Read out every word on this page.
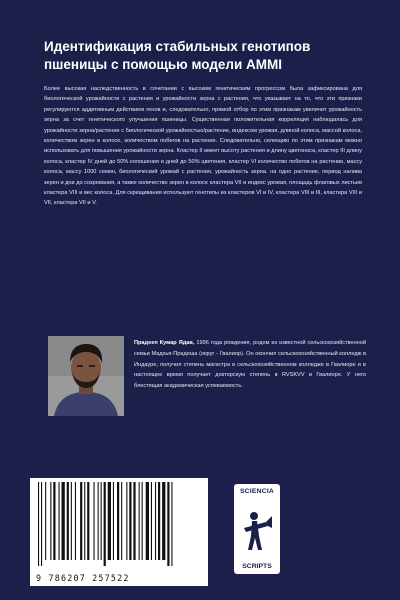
Идентификация стабильных генотипов пшеницы с помощью модели AMMI

Более высокая наследственность в сочетании с высоким генетическим прогрессом была зафиксирована для биологической урожайности с растения и урожайности зерна с растения, что указывает на то, что эти признаки регулируются аддитивным действием генов и, следовательно, прямой отбор по этим признакам увеличит урожайность зерна за счет генетического улучшения пшеницы. Существенная положительная корреляция наблюдалась для урожайности зерна/растение с биологической урожайностью/растение, индексом урожая, длиной колоса, массой колоса, количеством зерен в колосе, количеством побегов на растение. Следовательно, селекцию по этим признакам можно использовать для повышения урожайности зерна. Кластер II имеет высоту растения и длину цветоноса, кластер III длину колоса, кластер IV дней до 50% колошения и дней до 50% цветения, кластер VI количество побегов на растение, массу колоса, массу 1000 семян, биологический урожай с растения, урожайность зерна. на одно растение, период налива зерен и дни до созревания, а также количество зерен в колосе кластера VII и индекс урожая, площадь флаговых листьев кластера VIII и вес колоса. Для скрещивания используют генотипы из кластеров VI и IV, кластера VIII и III, кластера VIII и VII, кластера VII и V.

Прадееп Кумар Ядав, 1996 года рождения, родом из известной сельскохозяйственной семьи Мадхья-Прадеша (округ - Гвалиор). Он окончил сельскохозяйственный колледж в Индауре, получил степень магистра в сельскохозяйственном колледже в Гвалиоре и в настоящее время получает докторскую степень в RVSKVV в Гвалиоре. У него блестящая академическая успеваемость.

9 786207 257522
SCIENCIA
SCRIPTS
